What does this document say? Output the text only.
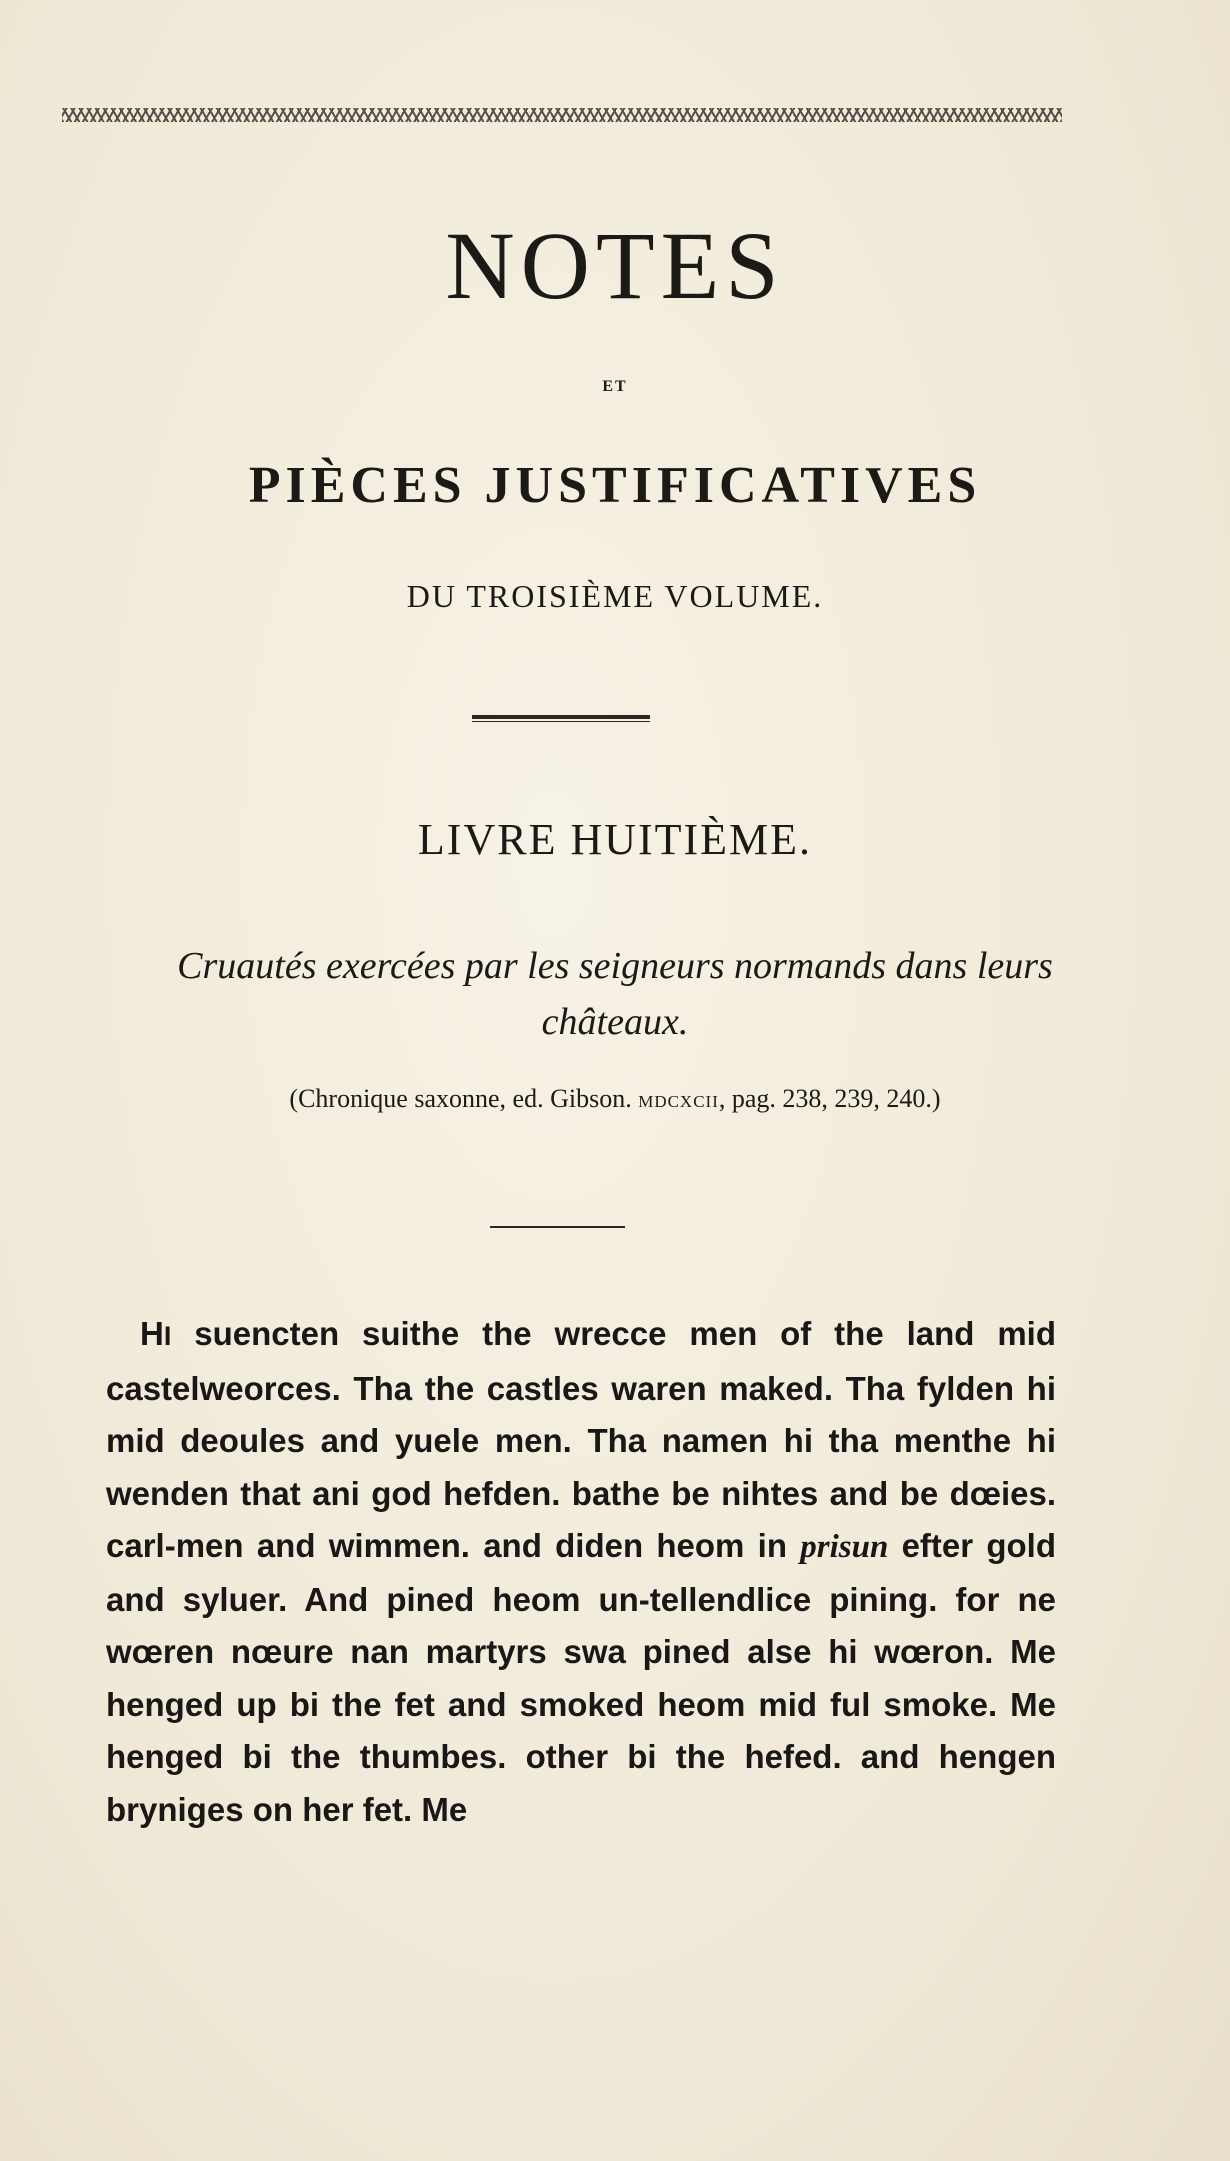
NOTES
ET
PIÈCES JUSTIFICATIVES
DU TROISIÈME VOLUME.
LIVRE HUITIÈME.
Cruautés exercées par les seigneurs normands dans leurs châteaux.
(Chronique saxonne, ed. Gibson. MDCXCII, pag. 238, 239, 240.)
HI suencten suithe the wrecce men of the land mid castelweorces. Tha the castles waren maked. Tha fylden hi mid deoules and yuele men. Tha namen hi tha menthe hi wenden that ani god hefden. bathe be nihtes and be dœies. carl-men and wimmen. and diden heom in prisun efter gold and syluer. And pined heom un-tellendlice pining. for ne wœren nœure nan martyrs swa pined alse hi wœron. Me henged up bi the fet and smoked heom mid ful smoke. Me henged bi the thumbes. other bi the hefed. and hengen bryniges on her fet. Me
